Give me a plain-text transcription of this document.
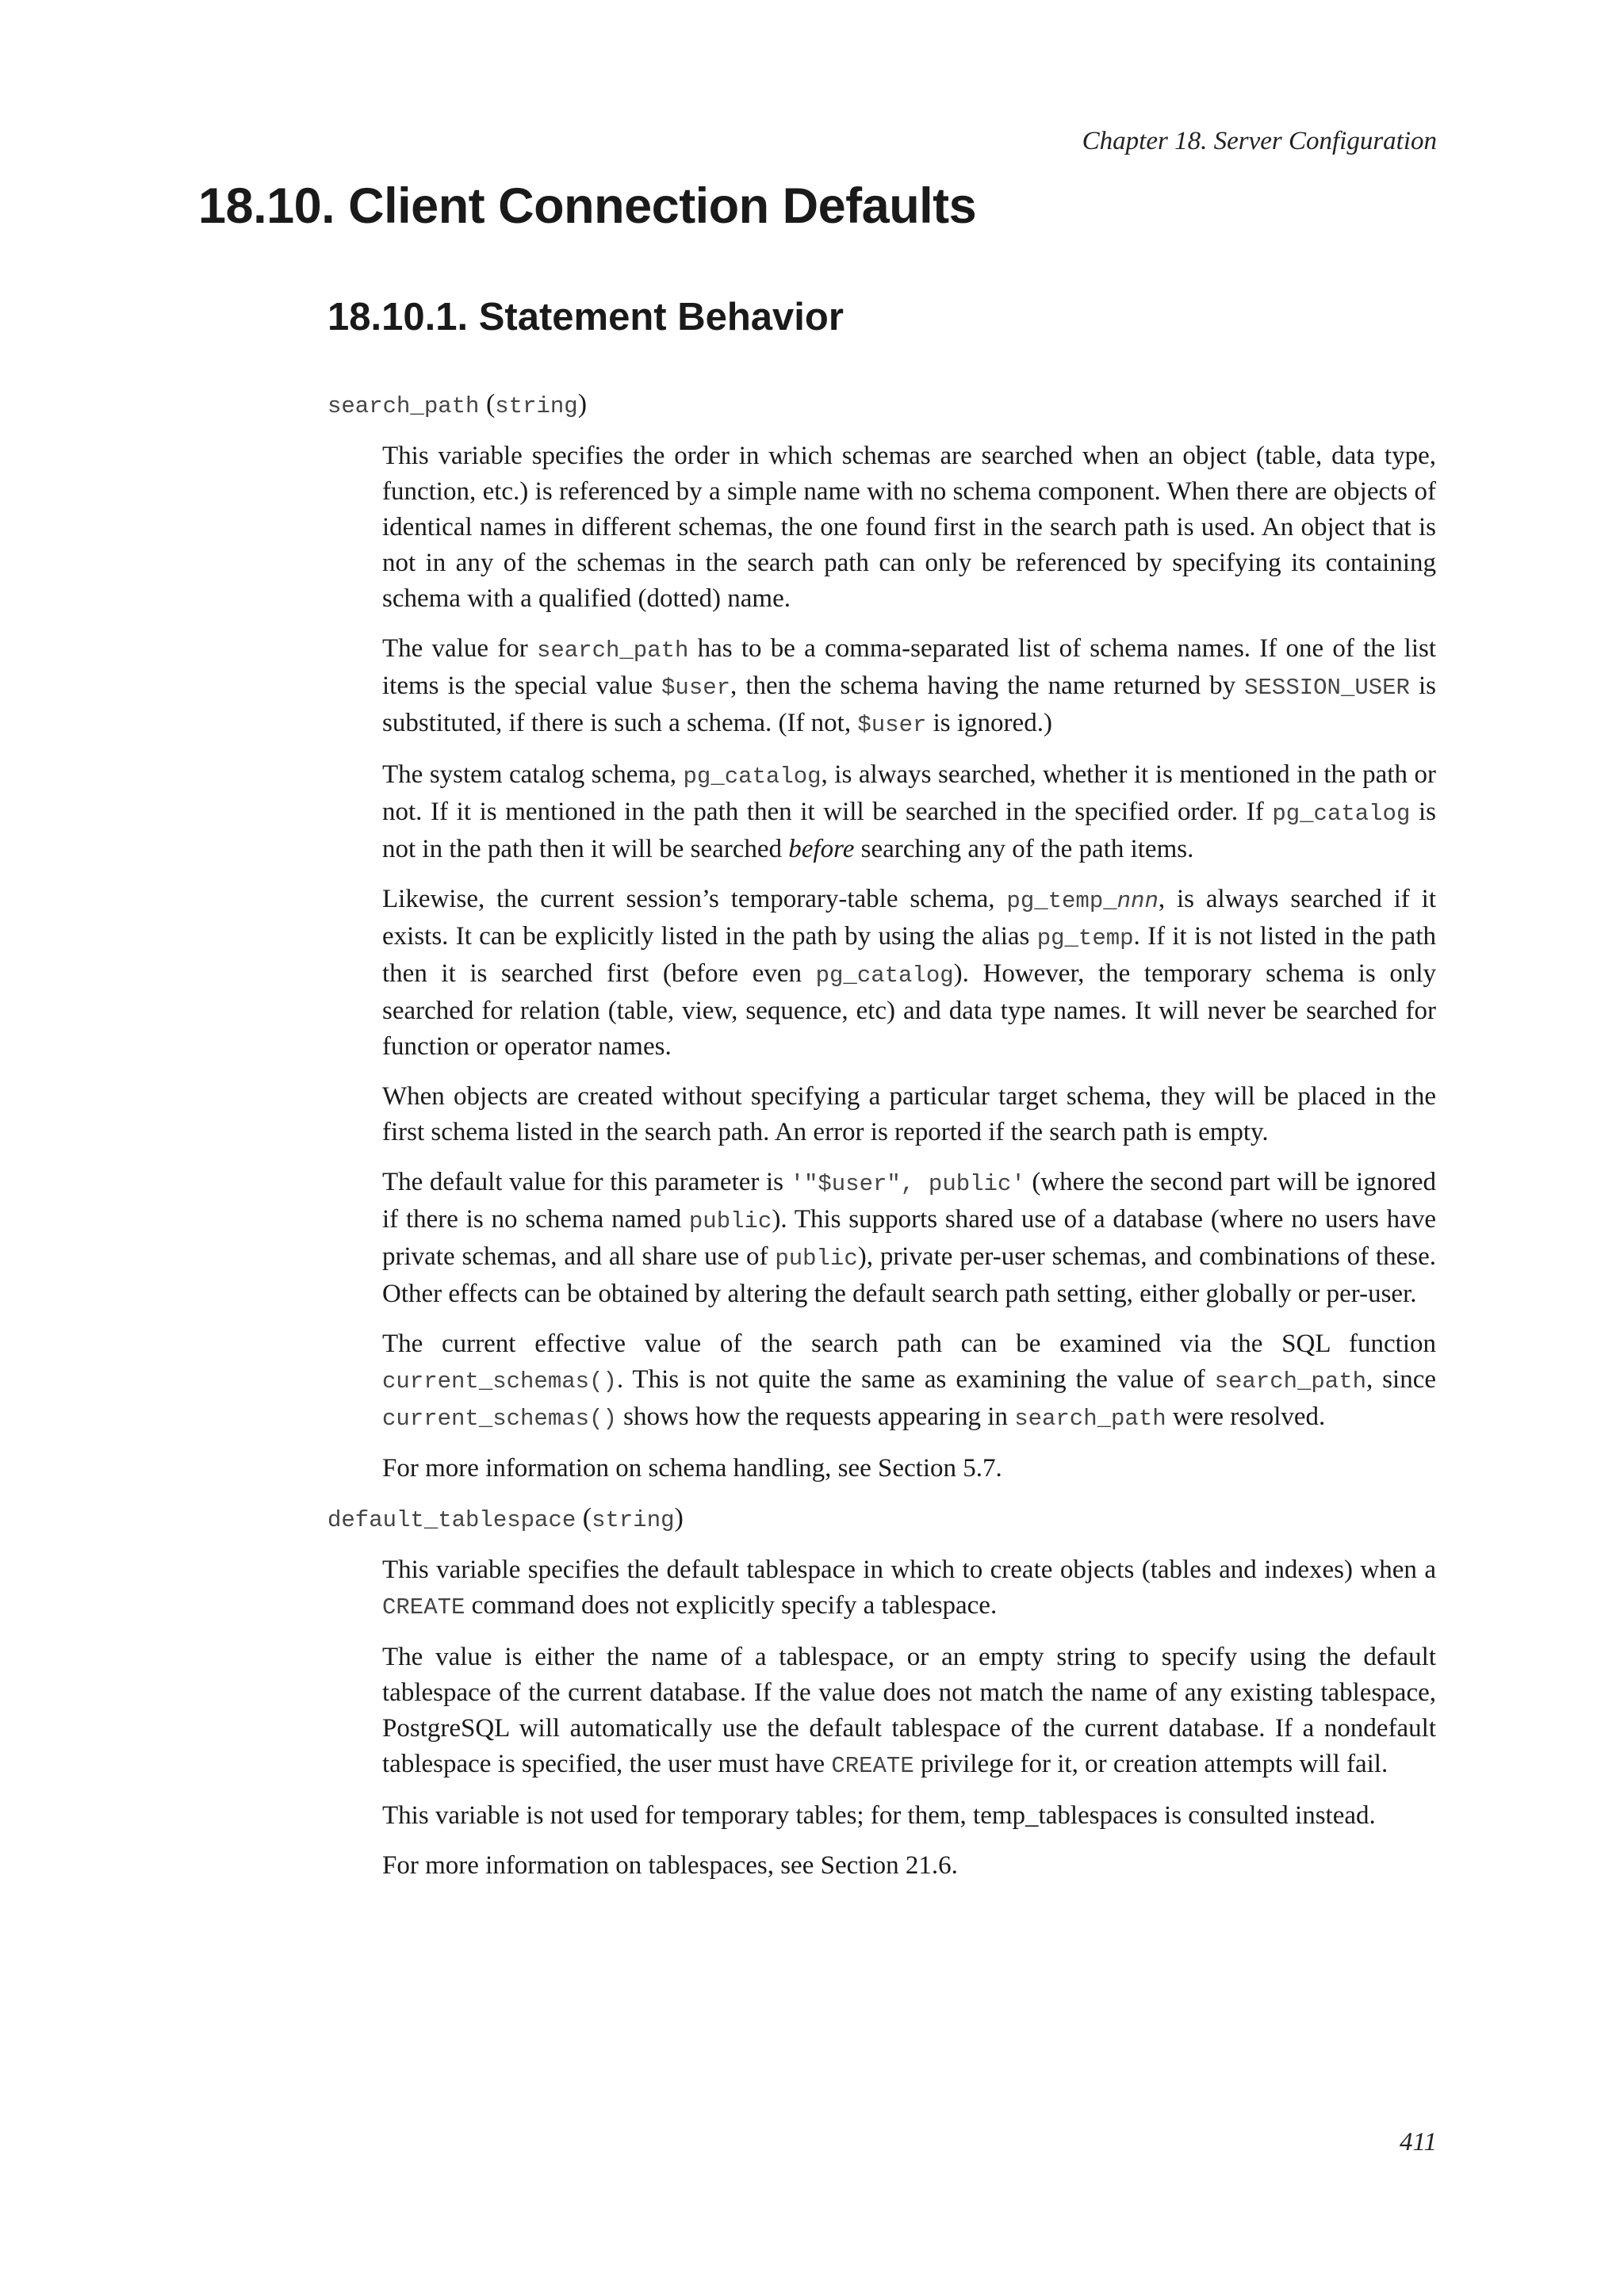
Chapter 18. Server Configuration
18.10. Client Connection Defaults
18.10.1. Statement Behavior
search_path (string)

This variable specifies the order in which schemas are searched when an object (table, data type, function, etc.) is referenced by a simple name with no schema component. When there are objects of identical names in different schemas, the one found first in the search path is used. An object that is not in any of the schemas in the search path can only be referenced by specifying its containing schema with a qualified (dotted) name.

The value for search_path has to be a comma-separated list of schema names. If one of the list items is the special value $user, then the schema having the name returned by SESSION_USER is substituted, if there is such a schema. (If not, $user is ignored.)

The system catalog schema, pg_catalog, is always searched, whether it is mentioned in the path or not. If it is mentioned in the path then it will be searched in the specified order. If pg_catalog is not in the path then it will be searched before searching any of the path items.

Likewise, the current session’s temporary-table schema, pg_temp_nnn, is always searched if it exists. It can be explicitly listed in the path by using the alias pg_temp. If it is not listed in the path then it is searched first (before even pg_catalog). However, the temporary schema is only searched for relation (table, view, sequence, etc) and data type names. It will never be searched for function or operator names.

When objects are created without specifying a particular target schema, they will be placed in the first schema listed in the search path. An error is reported if the search path is empty.

The default value for this parameter is '"$user", public' (where the second part will be ignored if there is no schema named public). This supports shared use of a database (where no users have private schemas, and all share use of public), private per-user schemas, and combinations of these. Other effects can be obtained by altering the default search path setting, either globally or per-user.

The current effective value of the search path can be examined via the SQL function current_schemas(). This is not quite the same as examining the value of search_path, since current_schemas() shows how the requests appearing in search_path were resolved.

For more information on schema handling, see Section 5.7.

default_tablespace (string)

This variable specifies the default tablespace in which to create objects (tables and indexes) when a CREATE command does not explicitly specify a tablespace.

The value is either the name of a tablespace, or an empty string to specify using the default tablespace of the current database. If the value does not match the name of any existing tablespace, PostgreSQL will automatically use the default tablespace of the current database. If a nondefault tablespace is specified, the user must have CREATE privilege for it, or creation attempts will fail.

This variable is not used for temporary tables; for them, temp_tablespaces is consulted instead.

For more information on tablespaces, see Section 21.6.

411
